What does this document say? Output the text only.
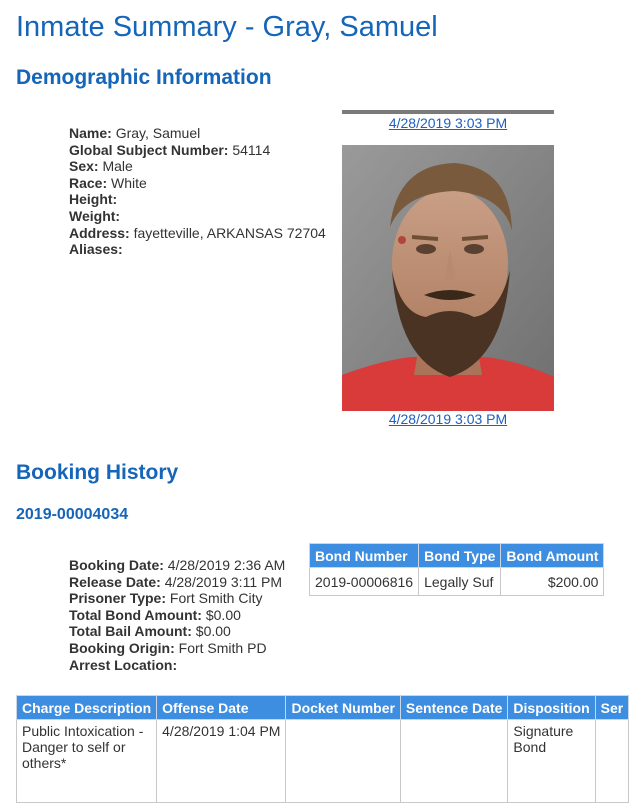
Inmate Summary - Gray, Samuel
Demographic Information
Name: Gray, Samuel
Global Subject Number: 54114
Sex: Male
Race: White
Height:
Weight:
Address: fayetteville, ARKANSAS 72704
Aliases:
4/28/2019 3:03 PM
4/28/2019 3:03 PM
Booking History
2019-00004034
Booking Date: 4/28/2019 2:36 AM
Release Date: 4/28/2019 3:11 PM
Prisoner Type: Fort Smith City
Total Bond Amount: $0.00
Total Bail Amount: $0.00
Booking Origin: Fort Smith PD
Arrest Location:
Bond Number	Bond Type	Bond Amount
2019-00006816	Legally Suf	$200.00
Charge Description	Offense Date	Docket Number	Sentence Date	Disposition	Ser
Public Intoxication - Danger to self or others*	4/28/2019 1:04 PM			Signature Bond	
